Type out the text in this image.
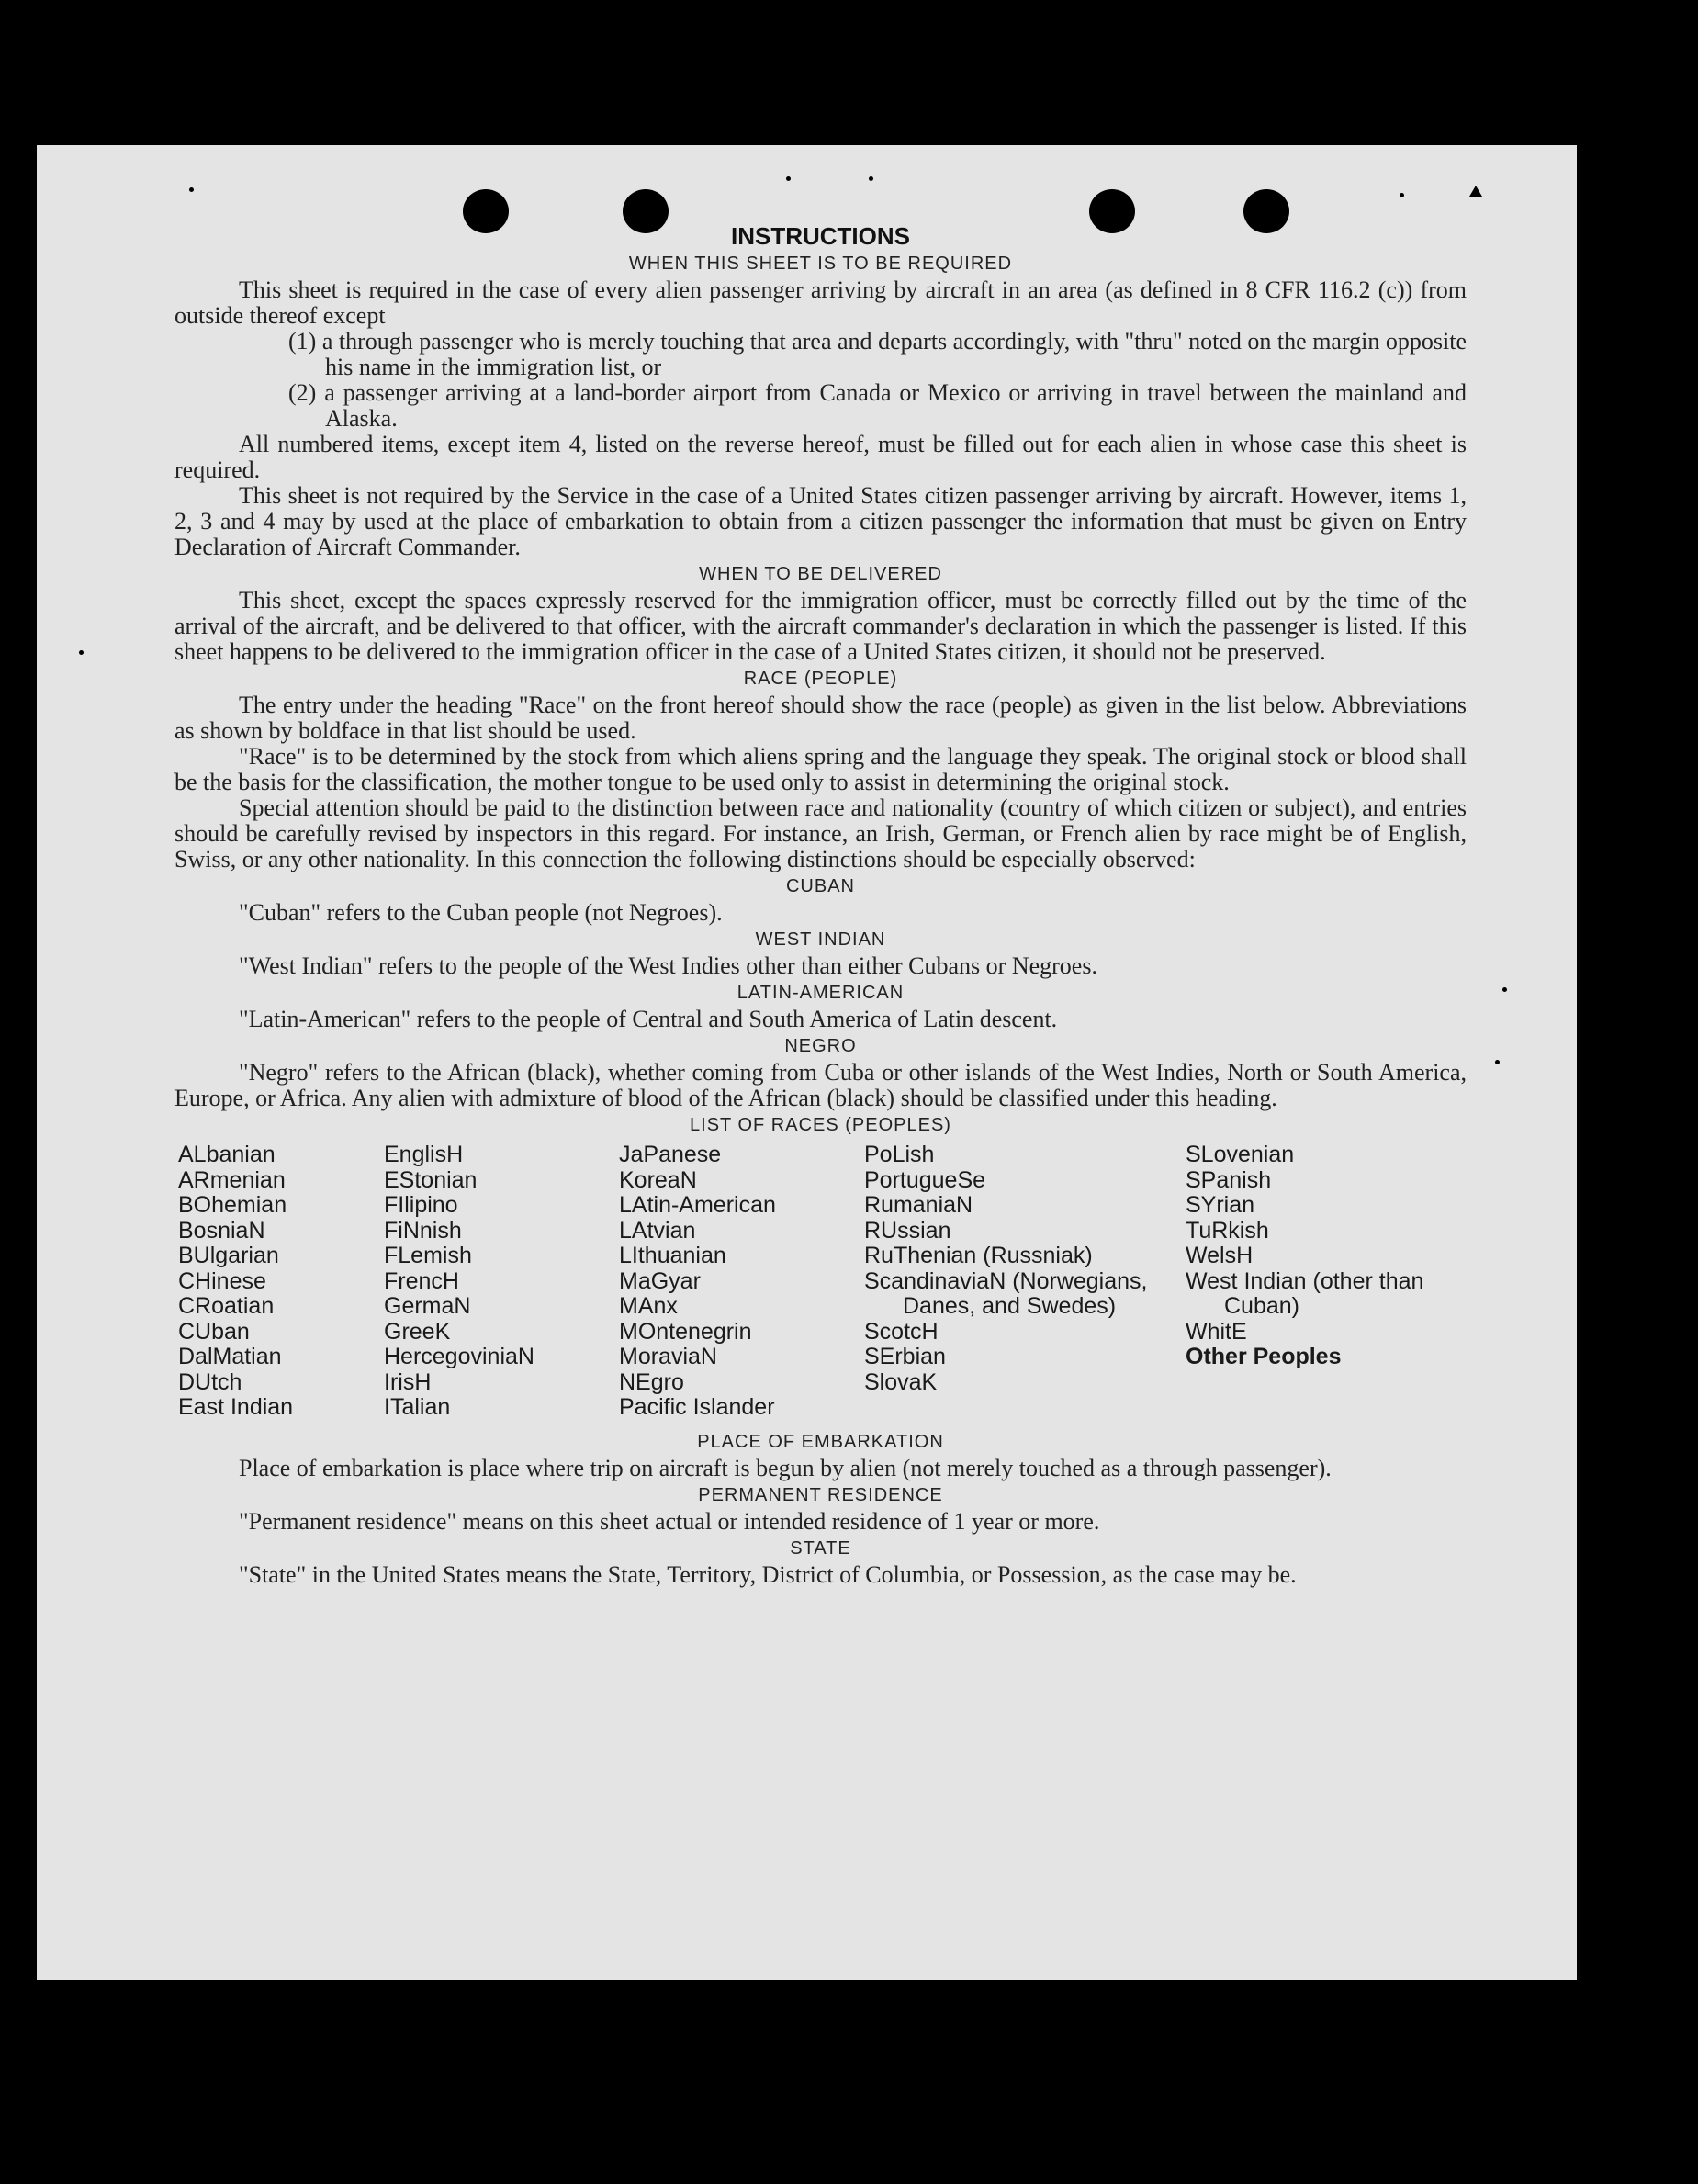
INSTRUCTIONS
WHEN THIS SHEET IS TO BE REQUIRED

This sheet is required in the case of every alien passenger arriving by aircraft in an area (as defined in 8 CFR 116.2 (c)) from outside thereof except

(1) a through passenger who is merely touching that area and departs accordingly, with "thru" noted on the margin opposite his name in the immigration list, or

(2) a passenger arriving at a land-border airport from Canada or Mexico or arriving in travel between the mainland and Alaska.

All numbered items, except item 4, listed on the reverse hereof, must be filled out for each alien in whose case this sheet is required.

This sheet is not required by the Service in the case of a United States citizen passenger arriving by aircraft. However, items 1, 2, 3 and 4 may by used at the place of embarkation to obtain from a citizen passenger the information that must be given on Entry Declaration of Aircraft Commander.

WHEN TO BE DELIVERED

This sheet, except the spaces expressly reserved for the immigration officer, must be correctly filled out by the time of the arrival of the aircraft, and be delivered to that officer, with the aircraft commander's declaration in which the passenger is listed. If this sheet happens to be delivered to the immigration officer in the case of a United States citizen, it should not be preserved.

RACE (PEOPLE)

The entry under the heading "Race" on the front hereof should show the race (people) as given in the list below. Abbreviations as shown by boldface in that list should be used.

"Race" is to be determined by the stock from which aliens spring and the language they speak. The original stock or blood shall be the basis for the classification, the mother tongue to be used only to assist in determining the original stock.

Special attention should be paid to the distinction between race and nationality (country of which citizen or subject), and entries should be carefully revised by inspectors in this regard. For instance, an Irish, German, or French alien by race might be of English, Swiss, or any other nationality. In this connection the following distinctions should be especially observed:

CUBAN

"Cuban" refers to the Cuban people (not Negroes).

WEST INDIAN

"West Indian" refers to the people of the West Indies other than either Cubans or Negroes.

LATIN-AMERICAN

"Latin-American" refers to the people of Central and South America of Latin descent.

NEGRO

"Negro" refers to the African (black), whether coming from Cuba or other islands of the West Indies, North or South America, Europe, or Africa. Any alien with admixture of blood of the African (black) should be classified under this heading.

LIST OF RACES (PEOPLES)
ALbanian
ARmenian
BOhemian
BosniaN
BUlgarian
CHinese
CRoatian
CUban
DalMatian
DUtch
East Indian
EnglisH
EStonian
FIlipino
FiNnish
FLemish
FrencH
GermaN
GreeK
HercegoviniaN
IrisH
ITalian
JaPanese
KoreaN
LAtin-American
LAtvian
LIthuanian
MaGyar
MAnx
MOntenegrin
MoraviaN
NEgro
Pacific Islander
PoLish
PortugueSe
RumaniaN
RUssian
RuThenian (Russniak)
ScandinaviaN (Norwegians, Danes, and Swedes)
ScotcH
SErbian
SlovaK
SLovenian
SPanish
SYrian
TuRkish
WelsH
West Indian (other than Cuban)
WhitE
Other Peoples
PLACE OF EMBARKATION

Place of embarkation is place where trip on aircraft is begun by alien (not merely touched as a through passenger).

PERMANENT RESIDENCE

"Permanent residence" means on this sheet actual or intended residence of 1 year or more.

STATE

"State" in the United States means the State, Territory, District of Columbia, or Possession, as the case may be.
